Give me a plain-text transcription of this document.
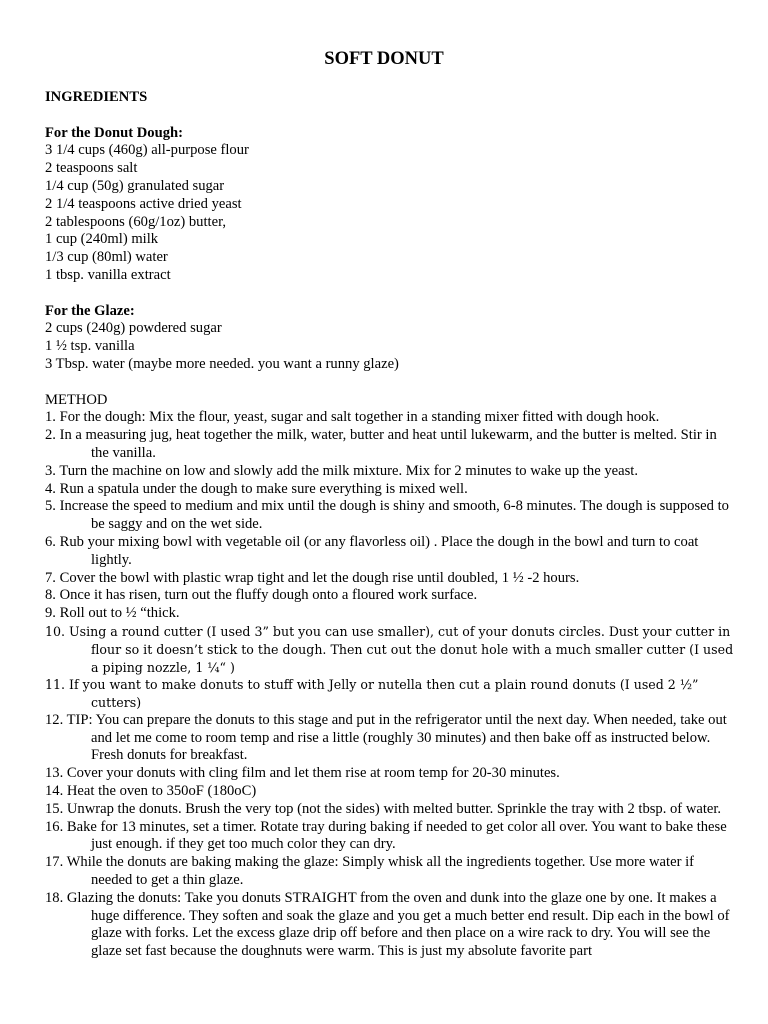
SOFT DONUT

INGREDIENTS

For the Donut Dough:

3 1/4 cups (460g) all-purpose flour

2 teaspoons salt

1/4 cup (50g) granulated sugar

2 1/4 teaspoons active dried yeast

2 tablespoons (60g/1oz) butter,

1 cup (240ml) milk

1/3 cup (80ml) water

1 tbsp. vanilla extract

For the Glaze:

2 cups (240g) powdered sugar

1 ½ tsp. vanilla

3 Tbsp. water (maybe more needed. you want a runny glaze)

METHOD

1. For the dough: Mix the flour, yeast, sugar and salt together in a standing mixer fitted with dough hook.
2. In a measuring jug, heat together the milk, water, butter and heat until lukewarm, and the butter is melted. Stir in the vanilla.
3. Turn the machine on low and slowly add the milk mixture. Mix for 2 minutes to wake up the yeast.
4. Run a spatula under the dough to make sure everything is mixed well.
5. Increase the speed to medium and mix until the dough is shiny and smooth, 6-8 minutes. The dough is supposed to be saggy and on the wet side.
6. Rub your mixing bowl with vegetable oil (or any flavorless oil) . Place the dough in the bowl and turn to coat lightly.
7. Cover the bowl with plastic wrap tight and let the dough rise until doubled, 1 ½ -2 hours.
8. Once it has risen, turn out the fluffy dough onto a floured work surface.
9. Roll out to ½ “thick.
10. Using a round cutter (I used 3” but you can use smaller), cut of your donuts circles. Dust your cutter in flour so it doesn’t stick to the dough. Then cut out the donut hole with a much smaller cutter (I used a piping nozzle, 1 ¼“ )
11. If you want to make donuts to stuff with Jelly or nutella then cut a plain round donuts (I used 2 ½” cutters)
12. TIP: You can prepare the donuts to this stage and put in the refrigerator until the next day. When needed, take out and let me come to room temp and rise a little (roughly 30 minutes) and then bake off as instructed below. Fresh donuts for breakfast.
13. Cover your donuts with cling film and let them rise at room temp for 20-30 minutes.
14. Heat the oven to 350oF (180oC)
15. Unwrap the donuts. Brush the very top (not the sides) with melted butter. Sprinkle the tray with 2 tbsp. of water.
16. Bake for 13 minutes, set a timer. Rotate tray during baking if needed to get color all over. You want to bake these just enough. if they get too much color they can dry.
17. While the donuts are baking making the glaze: Simply whisk all the ingredients together. Use more water if needed to get a thin glaze.
18. Glazing the donuts: Take you donuts STRAIGHT from the oven and dunk into the glaze one by one. It makes a huge difference. They soften and soak the glaze and you get a much better end result. Dip each in the bowl of glaze with forks. Let the excess glaze drip off before and then place on a wire rack to dry. You will see the glaze set fast because the doughnuts were warm. This is just my absolute favorite part
